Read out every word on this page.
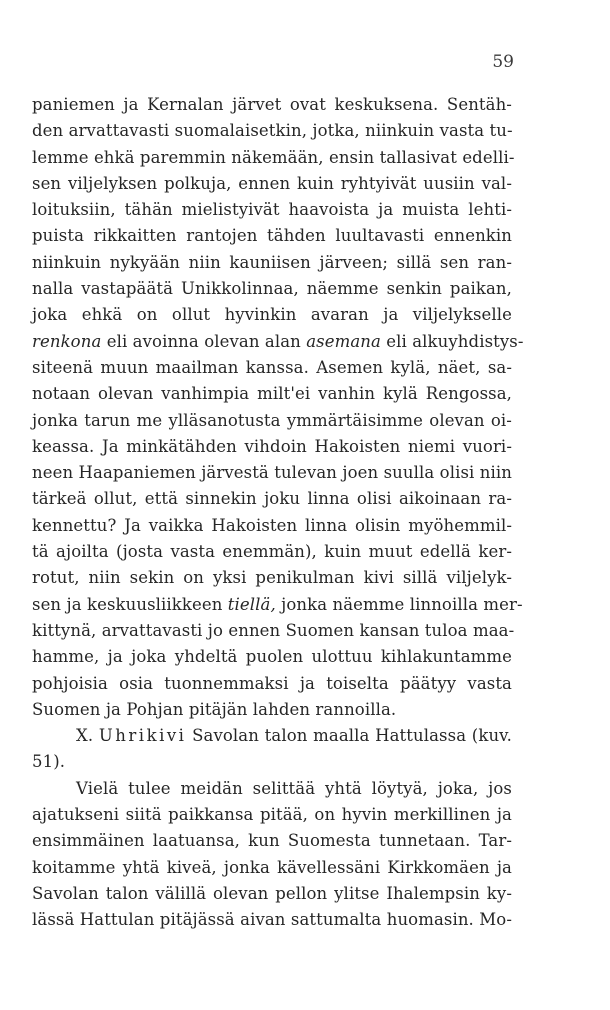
59
paniemen ja Kernalan järvet ovat keskuksena. Sentäh-
den arvattavasti suomalaisetkin, jotka, niinkuin vasta tu-
lemme ehkä paremmin näkemään, ensin tallasivat edelli-
sen viljelyksen polkuja, ennen kuin ryhtyivät uusiin val-
loituksiin, tähän mielistyivät haavoista ja muista lehti-
puista rikkaitten rantojen tähden luultavasti ennenkin
niinkuin nykyään niin kauniisen järveen; sillä sen ran-
nalla vastapäätä Unikkolinnaa, näemme senkin paikan,
joka ehkä on ollut hyvinkin avaran ja viljelykselle
renkona eli avoinna olevan alan asemana eli alkuyhdistys-
siteenä muun maailman kanssa. Asemen kylä, näet, sa-
notaan olevan vanhimpia milt'ei vanhin kylä Rengossa,
jonka tarun me ylläsanotusta ymmärtäisimme olevan oi-
keassa. Ja minkätähden vihdoin Hakoisten niemi vuori-
neen Haapaniemen järvestä tulevan joen suulla olisi niin
tärkeä ollut, että sinnekin joku linna olisi aikoinaan ra-
kennettu? Ja vaikka Hakoisten linna olisin myöhemmil-
tä ajoilta (josta vasta enemmän), kuin muut edellä ker-
rotut, niin sekin on yksi penikulman kivi sillä viljelyk-
sen ja keskuusliikkeen tiellä, jonka näemme linnoilla mer-
kittynä, arvattavasti jo ennen Suomen kansan tuloa maa-
hamme, ja joka yhdeltä puolen ulottuu kihlakuntamme
pohjoisia osia tuonnemmaksi ja toiselta päätyy vasta
Suomen ja Pohjan pitäjän lahden rannoilla.
X. Uhrikivi Savolan talon maalla Hattulassa (kuv.
51).
Vielä tulee meidän selittää yhtä löytyä, joka, jos
ajatukseni siitä paikkansa pitää, on hyvin merkillinen ja
ensimmäinen laatuansa, kun Suomesta tunnetaan. Tar-
koitamme yhtä kiveä, jonka kävellessäni Kirkkomäen ja
Savolan talon välillä olevan pellon ylitse Ihalempsin ky-
lässä Hattulan pitäjässä aivan sattumalta huomasin. Mo-
